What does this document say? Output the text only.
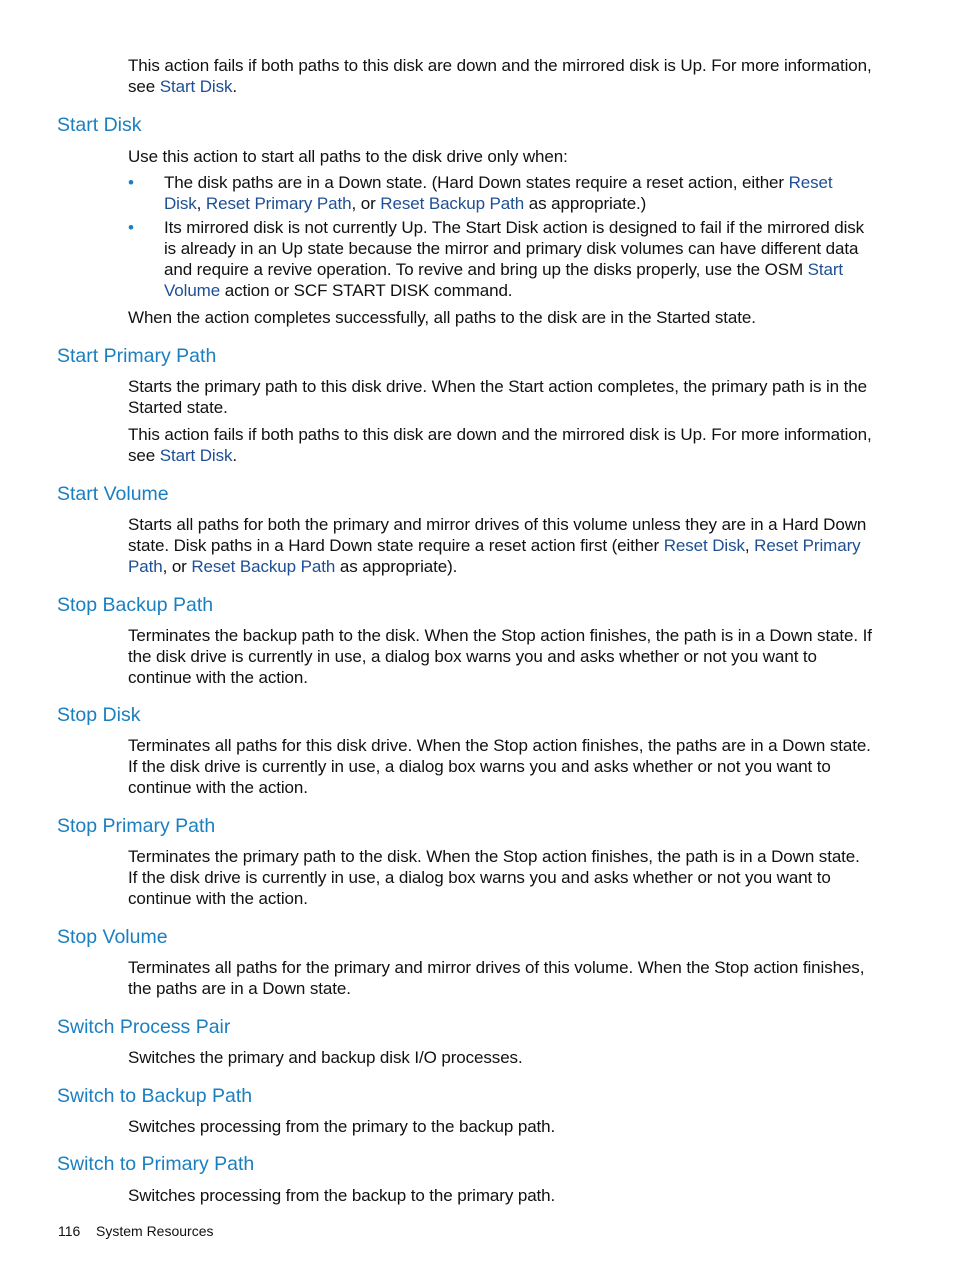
This action fails if both paths to this disk are down and the mirrored disk is Up. For more information, see Start Disk.

Start Disk

Use this action to start all paths to the disk drive only when:

• The disk paths are in a Down state. (Hard Down states require a reset action, either Reset Disk, Reset Primary Path, or Reset Backup Path as appropriate.)
• Its mirrored disk is not currently Up. The Start Disk action is designed to fail if the mirrored disk is already in an Up state because the mirror and primary disk volumes can have different data and require a revive operation. To revive and bring up the disks properly, use the OSM Start Volume action or SCF START DISK command.

When the action completes successfully, all paths to the disk are in the Started state.

Start Primary Path

Starts the primary path to this disk drive. When the Start action completes, the primary path is in the Started state.

This action fails if both paths to this disk are down and the mirrored disk is Up. For more information, see Start Disk.

Start Volume

Starts all paths for both the primary and mirror drives of this volume unless they are in a Hard Down state. Disk paths in a Hard Down state require a reset action first (either Reset Disk, Reset Primary Path, or Reset Backup Path as appropriate).

Stop Backup Path

Terminates the backup path to the disk. When the Stop action finishes, the path is in a Down state. If the disk drive is currently in use, a dialog box warns you and asks whether or not you want to continue with the action.

Stop Disk

Terminates all paths for this disk drive. When the Stop action finishes, the paths are in a Down state. If the disk drive is currently in use, a dialog box warns you and asks whether or not you want to continue with the action.

Stop Primary Path

Terminates the primary path to the disk. When the Stop action finishes, the path is in a Down state. If the disk drive is currently in use, a dialog box warns you and asks whether or not you want to continue with the action.

Stop Volume

Terminates all paths for the primary and mirror drives of this volume. When the Stop action finishes, the paths are in a Down state.

Switch Process Pair

Switches the primary and backup disk I/O processes.

Switch to Backup Path

Switches processing from the primary to the backup path.

Switch to Primary Path

Switches processing from the backup to the primary path.

116 System Resources
